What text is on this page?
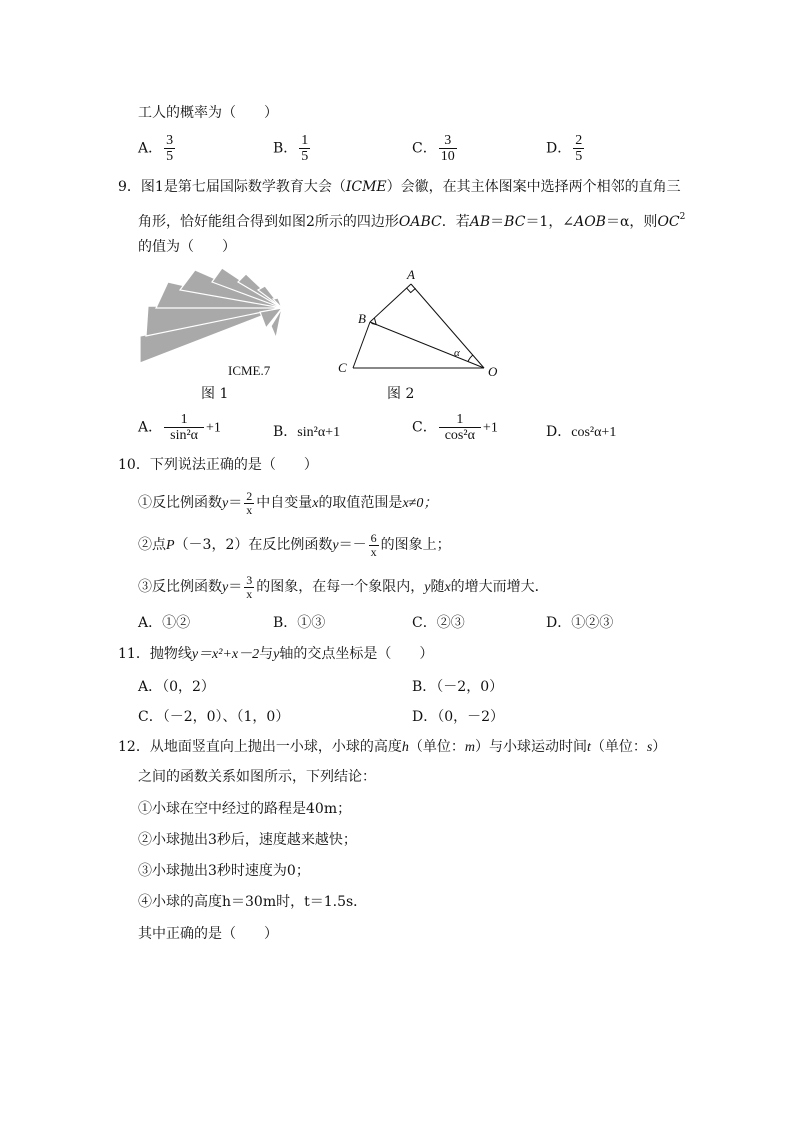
工人的概率为（　　）
A． $\frac{3}{5}$	B． $\frac{1}{5}$	C． $\frac{3}{10}$	D． $\frac{2}{5}$
9．图1是第七届国际数学教育大会（ICME）会徽，在其主体图案中选择两个相邻的直角三
角形，恰好能组合得到如图2所示的四边形OABC．若AB＝BC＝1，∠AOB＝α，则$OC^2$
的值为（　　）
ICME.7
图 1
A
B
C	O
α
图 2
A． $\frac{1}{\text{sin²α}} +1$	B．sin²α+1	C． $\frac{1}{\text{cos²α}} +1$	D．cos²α+1
10．下列说法正确的是（　　）
①反比例函数$y= \frac{2}{x}$ 中自变量x的取值范围是x≠0；
②点P（－3，2）在反比例函数$y=- \frac{6}{x}$ 的图象上；
③反比例函数$y= \frac{3}{x}$ 的图象，在每一个象限内，y随x的增大而增大．
A．①②	B．①③	C．②③	D．①②③
11．抛物线y＝x²+x－2与y轴的交点坐标是（　　）
A．（0，2）	B．（－2，0）
C．（－2，0）、（1，0）	D．（0，－2）
12．从地面竖直向上抛出一小球，小球的高度h（单位：m）与小球运动时间t（单位：s）
之间的函数关系如图所示，下列结论：
①小球在空中经过的路程是40m；
②小球抛出3秒后，速度越来越快；
③小球抛出3秒时速度为0；
④小球的高度h＝30m时，t＝1.5s．
其中正确的是（　　）
